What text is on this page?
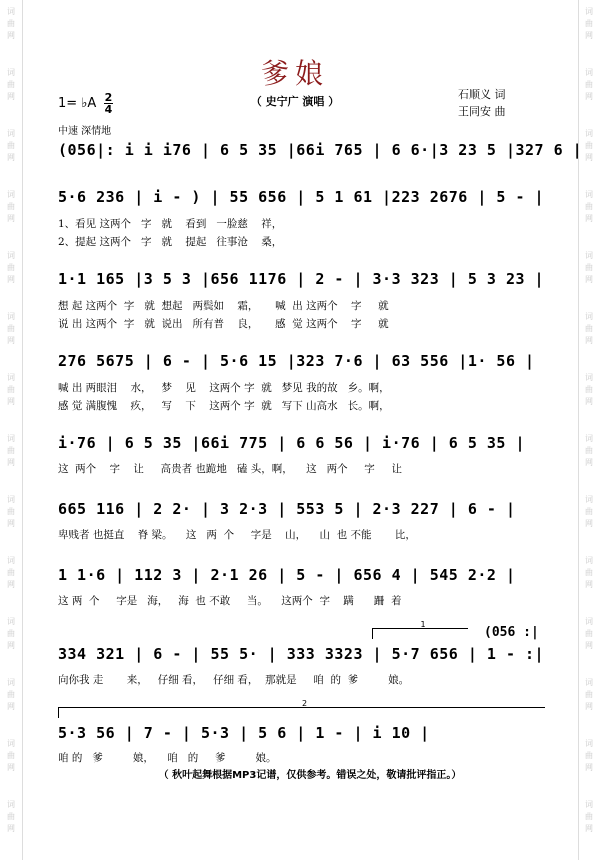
词曲网
词曲网
词曲网
词曲网
词曲网
词曲网
词曲网
词曲网
词曲网
词曲网
词曲网
词曲网
词曲网
词曲网
词曲网
词曲网
词曲网
词曲网
词曲网
词曲网
词曲网
词曲网
词曲网
词曲网
词曲网
词曲网
词曲网
词曲网
爹娘
（ 史宁广 演唱 ）
石顺义 词
王同安 曲
1= ♭A 2
4
中速 深情地
(056|: i i i76 | 6 5 35 |66i 765 | 6 6·|3 23 5 |327 6 |
5·6 236 | i - ) | 55 656 | 5 1 61 |223 2676 | 5 - |
1、看见 这两个   字   就    看到   一脸慈    祥，
2、提起 这两个   字   就    提起   往事沧    桑，
1·1 165 |3 5 3 |656 1176 | 2 - | 3·3 323 | 5 3 23 |
想 起 这两个  字   就  想起   两鬓如    霜，     喊  出 这两个    字     就
说 出 这两个  字   就  说出   所有普    良，     感  觉 这两个    字     就
276 5675 | 6 - | 5·6 15 |323 7·6 | 63 556 |1· 56 |
喊 出 两眼泪    水，   梦    见    这两个 字  就   梦见 我的故   乡。啊，
感 觉 满腹愧    疚，   写    下    这两个 字  就   写下 山高水   长。啊，
i·76 | 6 5 35 |66i 775 | 6 6 56 | i·76 | 6 5 35 |
这  两个    字    让     高贵者 也跪地   磕 头，啊，    这   两个     字     让
665 116 | 2 2· | 3 2·3 | 553 5 | 2·3 227 | 6 - |
卑贱者 也挺直    脊 梁。    这   两  个     字是    山，    山  也 不能       比，
1 1·6 | 112 3 | 2·1 26 | 5 - | 656 4 | 545 2·2 |
这 两  个     字是   海，   海  也 不敢     当。    这两个  字    蹒      跚  着
1
(056 :|
334 321 | 6 - | 55 5· | 333 3323 | 5·7 656 | 1 - :|
向你我 走       来，   仔细 看，   仔细 看，  那就是     咱  的  爹         娘。
2
5·3 56 | 7 - | 5·3 | 5 6 | 1 - | i 10 |
咱 的   爹         娘，    咱   的     爹         娘。
（ 秋叶起舞根据MP3记谱，仅供参考。错误之处，敬请批评指正。）
